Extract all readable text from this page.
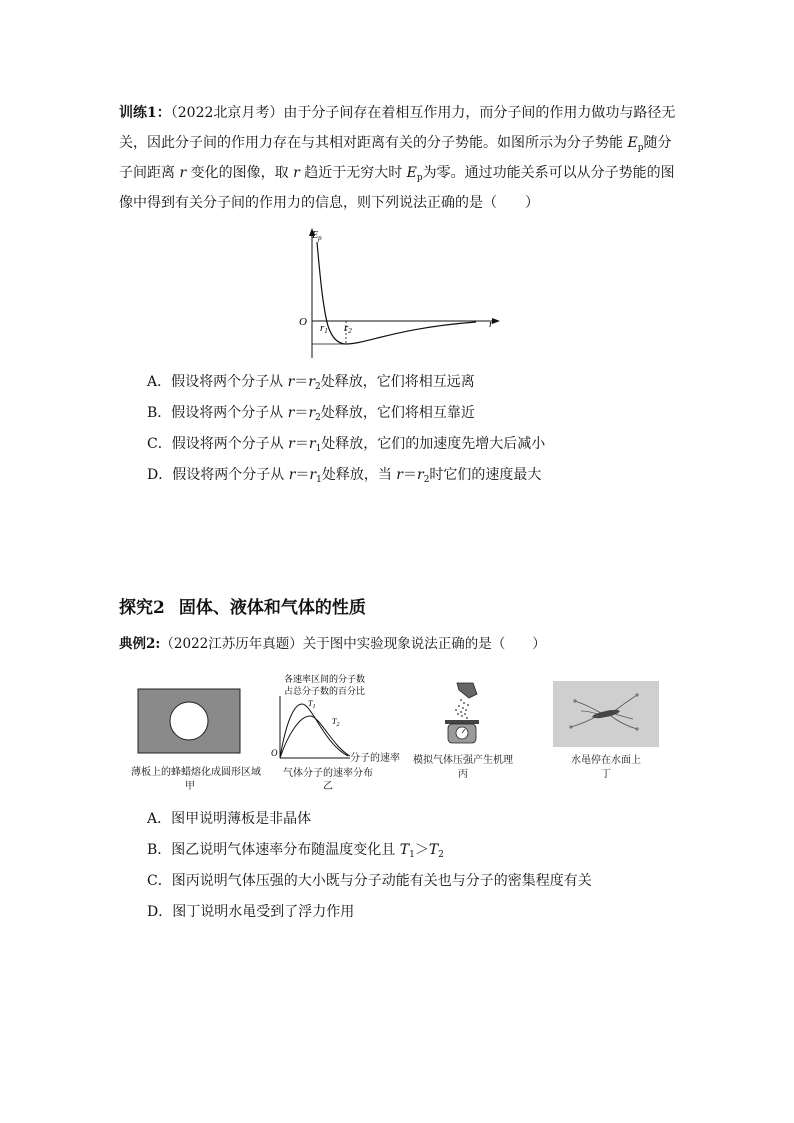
训练1：（2022北京月考）由于分子间存在着相互作用力，而分子间的作用力做功与路径无关，因此分子间的作用力存在与其相对距离有关的分子势能。如图所示为分子势能 $E_p$随分子间距离 r 变化的图像，取 r 趋近于无穷大时 $E_p$为零。通过功能关系可以从分子势能的图像中得到有关分子间的作用力的信息，则下列说法正确的是（　　）
$E_p$
O	r
r1 r2
A．假设将两个分子从 $r=r_2$处释放，它们将相互远离
B．假设将两个分子从 $r=r_2$处释放，它们将相互靠近
C．假设将两个分子从 $r=r_1$处释放，它们的加速度先增大后减小
D．假设将两个分子从 $r=r_1$处释放，当 $r=r_2$时它们的速度最大
探究2 固体、液体和气体的性质
典例2:（2022江苏历年真题）关于图中实验现象说法正确的是（　　）
薄板上的蜂蜡熔化成圆形区域
甲
各速率区间的分子数
占总分子数的百分比
$T_1$
$T_2$
O	分子的速率
气体分子的速率分布
乙
模拟气体压强产生机理
丙
水黾停在水面上
丁
A．图甲说明薄板是非晶体
B．图乙说明气体速率分布随温度变化且 $T_1>T_2$
C．图丙说明气体压强的大小既与分子动能有关也与分子的密集程度有关
D．图丁说明水黾受到了浮力作用
